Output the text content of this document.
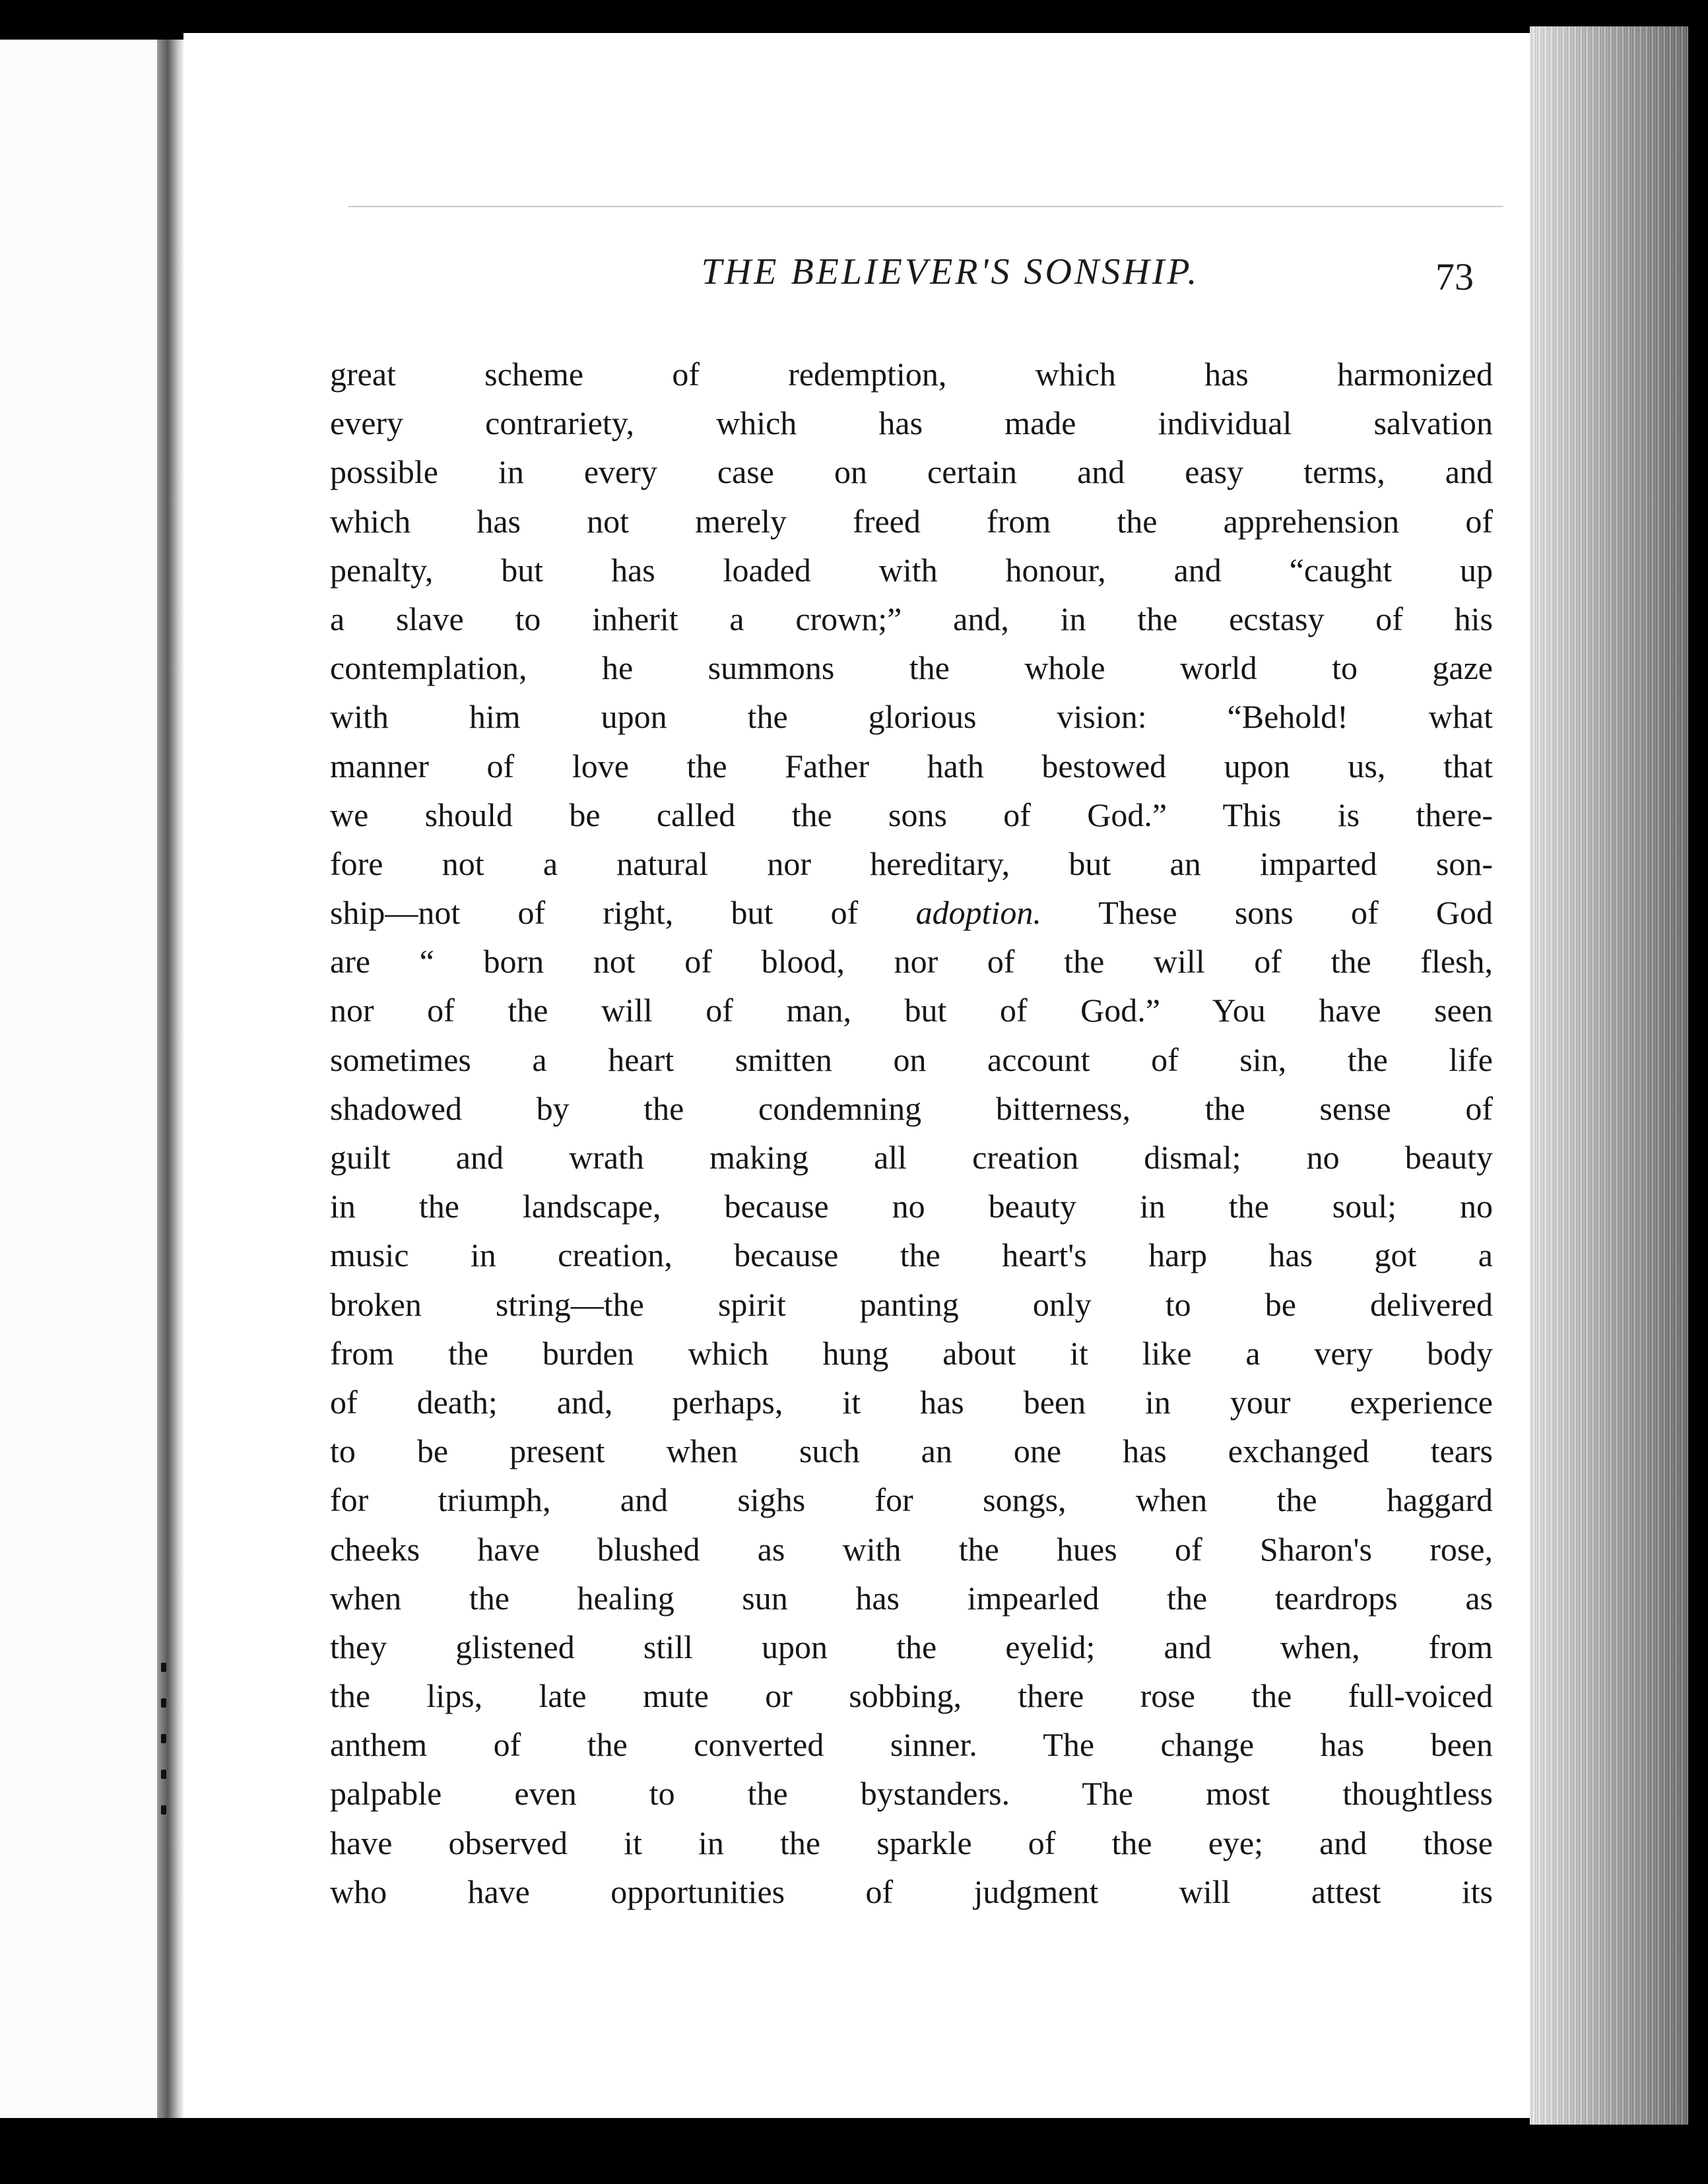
THE BELIEVER'S SONSHIP.	73
great scheme of redemption, which has harmonized
every contrariety, which has made individual salvation
possible in every case on certain and easy terms, and
which has not merely freed from the apprehension of
penalty, but has loaded with honour, and “caught up
a slave to inherit a crown;” and, in the ecstasy of his
contemplation, he summons the whole world to gaze
with him upon the glorious vision: “Behold! what
manner of love the Father hath bestowed upon us, that
we should be called the sons of God.” This is there-
fore not a natural nor hereditary, but an imparted son-
ship—not of right, but of adoption. These sons of God
are “ born not of blood, nor of the will of the flesh,
nor of the will of man, but of God.” You have seen
sometimes a heart smitten on account of sin, the life
shadowed by the condemning bitterness, the sense of
guilt and wrath making all creation dismal; no beauty
in the landscape, because no beauty in the soul; no
music in creation, because the heart's harp has got a
broken string—the spirit panting only to be delivered
from the burden which hung about it like a very body
of death; and, perhaps, it has been in your experience
to be present when such an one has exchanged tears
for triumph, and sighs for songs, when the haggard
cheeks have blushed as with the hues of Sharon's rose,
when the healing sun has impearled the teardrops as
they glistened still upon the eyelid; and when, from
the lips, late mute or sobbing, there rose the full-voiced
anthem of the converted sinner. The change has been
palpable even to the bystanders. The most thoughtless
have observed it in the sparkle of the eye; and those
who have opportunities of judgment will attest its
